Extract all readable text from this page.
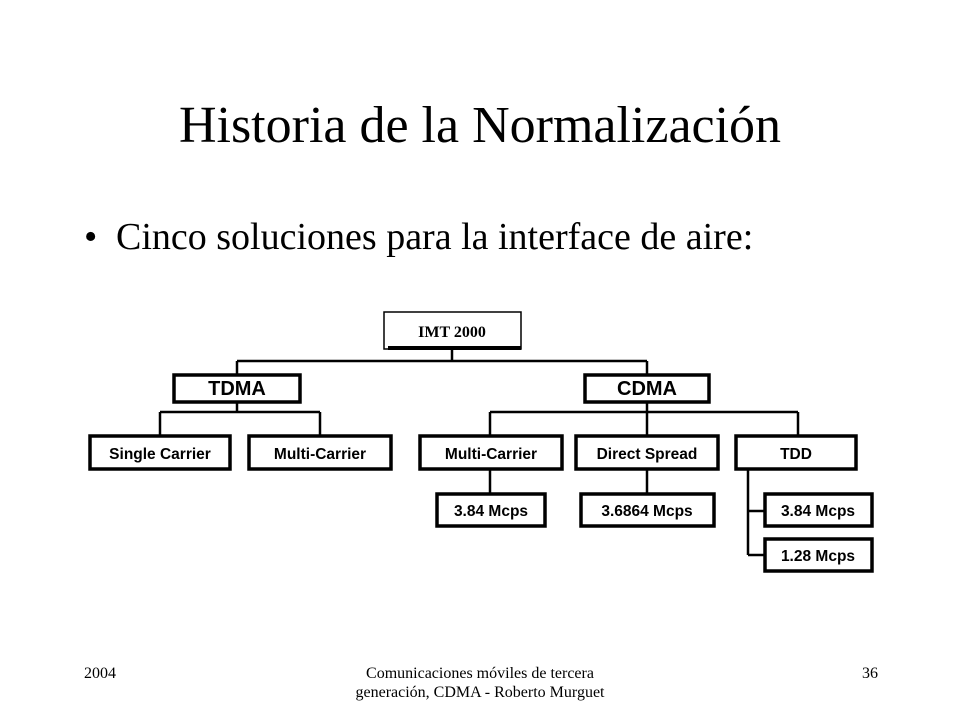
Historia de la Normalización
• Cinco soluciones para la interface de aire:
IMT 2000
TDMA	CDMA
Single Carrier	Multi-Carrier	Multi-Carrier	Direct Spread	TDD
3.84 Mcps	3.6864 Mcps	3.84 Mcps
1.28 Mcps
2004	Comunicaciones móviles de tercera generación, CDMA - Roberto Murguet
36
